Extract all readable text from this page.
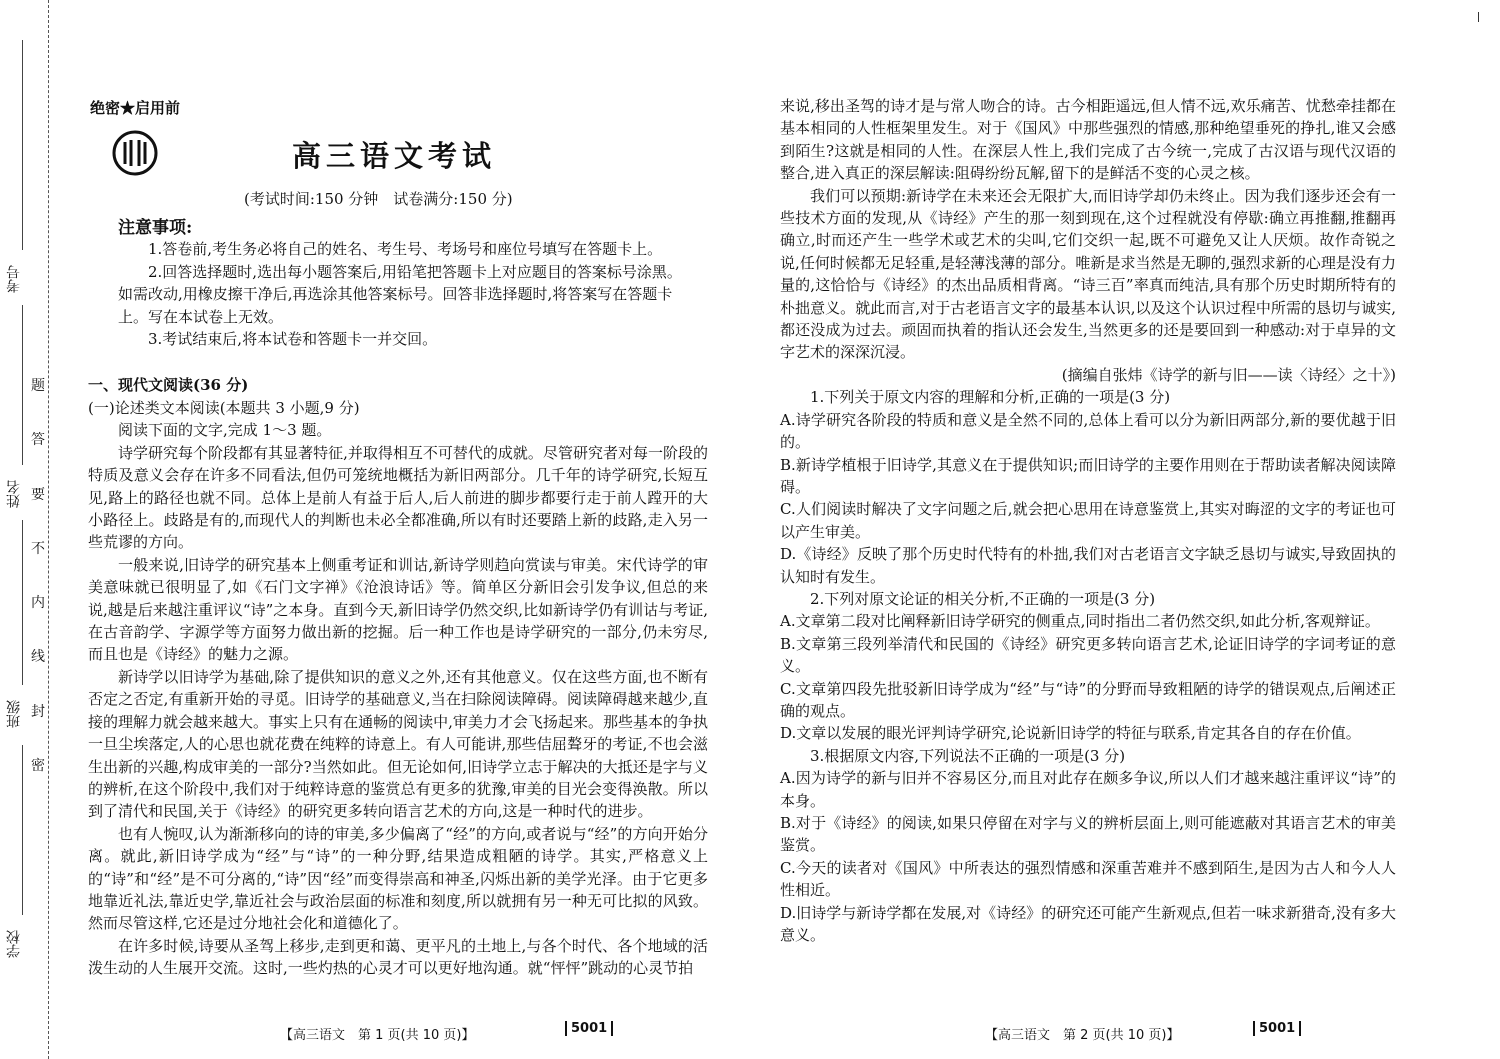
考号
姓名
班级
学校
题
答
要
不
内
线
封
密
绝密★启用前
高三语文考试
(考试时间:150 分钟　试卷满分:150 分)
注意事项:

1.答卷前,考生务必将自己的姓名、考生号、考场号和座位号填写在答题卡上。

2.回答选择题时,选出每小题答案后,用铅笔把答题卡上对应题目的答案标号涂黑。如需改动,用橡皮擦干净后,再选涂其他答案标号。回答非选择题时,将答案写在答题卡上。写在本试卷上无效。

3.考试结束后,将本试卷和答题卡一并交回。

一、现代文阅读(36 分)

(一)论述类文本阅读(本题共 3 小题,9 分)

阅读下面的文字,完成 1～3 题。

诗学研究每个阶段都有其显著特征,并取得相互不可替代的成就。尽管研究者对每一阶段的特质及意义会存在许多不同看法,但仍可笼统地概括为新旧两部分。几千年的诗学研究,长短互见,路上的路径也就不同。总体上是前人有益于后人,后人前进的脚步都要行走于前人蹚开的大小路径上。歧路是有的,而现代人的判断也未必全都准确,所以有时还要踏上新的歧路,走入另一些荒谬的方向。

一般来说,旧诗学的研究基本上侧重考证和训诂,新诗学则趋向赏读与审美。宋代诗学的审美意味就已很明显了,如《石门文字禅》《沧浪诗话》等。简单区分新旧会引发争议,但总的来说,越是后来越注重评议“诗”之本身。直到今天,新旧诗学仍然交织,比如新诗学仍有训诂与考证,在古音韵学、字源学等方面努力做出新的挖掘。后一种工作也是诗学研究的一部分,仍未穷尽,而且也是《诗经》的魅力之源。

新诗学以旧诗学为基础,除了提供知识的意义之外,还有其他意义。仅在这些方面,也不断有否定之否定,有重新开始的寻觅。旧诗学的基础意义,当在扫除阅读障碍。阅读障碍越来越少,直接的理解力就会越来越大。事实上只有在通畅的阅读中,审美力才会飞扬起来。那些基本的争执一旦尘埃落定,人的心思也就花费在纯粹的诗意上。有人可能讲,那些佶屈聱牙的考证,不也会滋生出新的兴趣,构成审美的一部分?当然如此。但无论如何,旧诗学立志于解决的大抵还是字与义的辨析,在这个阶段中,我们对于纯粹诗意的鉴赏总有更多的犹豫,审美的目光会变得涣散。所以到了清代和民国,关于《诗经》的研究更多转向语言艺术的方向,这是一种时代的进步。

也有人惋叹,认为渐渐移向的诗的审美,多少偏离了“经”的方向,或者说与“经”的方向开始分离。就此,新旧诗学成为“经”与“诗”的一种分野,结果造成粗陋的诗学。其实,严格意义上的“诗”和“经”是不可分离的,“诗”因“经”而变得崇高和神圣,闪烁出新的美学光泽。由于它更多地靠近礼法,靠近史学,靠近社会与政治层面的标准和刻度,所以就拥有另一种无可比拟的风致。然而尽管这样,它还是过分地社会化和道德化了。

在许多时候,诗要从圣驾上移步,走到更和蔼、更平凡的土地上,与各个时代、各个地域的活泼生动的人生展开交流。这时,一些灼热的心灵才可以更好地沟通。就“怦怦”跳动的心灵节拍

【高三语文　第 1 页(共 10 页)】	5001

来说,移出圣驾的诗才是与常人吻合的诗。古今相距遥远,但人情不远,欢乐痛苦、忧愁牵挂都在基本相同的人性框架里发生。对于《国风》中那些强烈的情感,那种绝望垂死的挣扎,谁又会感到陌生?这就是相同的人性。在深层人性上,我们完成了古今统一,完成了古汉语与现代汉语的整合,进入真正的深层解读:阻碍纷纷瓦解,留下的是鲜活不变的心灵之核。

我们可以预期:新诗学在未来还会无限扩大,而旧诗学却仍未终止。因为我们逐步还会有一些技术方面的发现,从《诗经》产生的那一刻到现在,这个过程就没有停歇:确立再推翻,推翻再确立,时而还产生一些学术或艺术的尖叫,它们交织一起,既不可避免又让人厌烦。故作奇锐之说,任何时候都无足轻重,是轻薄浅薄的部分。唯新是求当然是无聊的,强烈求新的心理是没有力量的,这恰恰与《诗经》的杰出品质相背离。“诗三百”率真而纯洁,具有那个历史时期所特有的朴拙意义。就此而言,对于古老语言文字的最基本认识,以及这个认识过程中所需的恳切与诚实,都还没成为过去。顽固而执着的指认还会发生,当然更多的还是要回到一种感动:对于卓异的文字艺术的深深沉浸。

(摘编自张炜《诗学的新与旧——读〈诗经〉之十》)

1.下列关于原文内容的理解和分析,正确的一项是(3 分)

A.诗学研究各阶段的特质和意义是全然不同的,总体上看可以分为新旧两部分,新的要优越于旧的。

B.新诗学植根于旧诗学,其意义在于提供知识;而旧诗学的主要作用则在于帮助读者解决阅读障碍。

C.人们阅读时解决了文字问题之后,就会把心思用在诗意鉴赏上,其实对晦涩的文字的考证也可以产生审美。

D.《诗经》反映了那个历史时代特有的朴拙,我们对古老语言文字缺乏恳切与诚实,导致固执的认知时有发生。

2.下列对原文论证的相关分析,不正确的一项是(3 分)

A.文章第二段对比阐释新旧诗学研究的侧重点,同时指出二者仍然交织,如此分析,客观辩证。

B.文章第三段列举清代和民国的《诗经》研究更多转向语言艺术,论证旧诗学的字词考证的意义。

C.文章第四段先批驳新旧诗学成为“经”与“诗”的分野而导致粗陋的诗学的错误观点,后阐述正确的观点。

D.文章以发展的眼光评判诗学研究,论说新旧诗学的特征与联系,肯定其各自的存在价值。

3.根据原文内容,下列说法不正确的一项是(3 分)

A.因为诗学的新与旧并不容易区分,而且对此存在颇多争议,所以人们才越来越注重评议“诗”的本身。

B.对于《诗经》的阅读,如果只停留在对字与义的辨析层面上,则可能遮蔽对其语言艺术的审美鉴赏。

C.今天的读者对《国风》中所表达的强烈情感和深重苦难并不感到陌生,是因为古人和今人人性相近。

D.旧诗学与新诗学都在发展,对《诗经》的研究还可能产生新观点,但若一味求新猎奇,没有多大意义。

【高三语文　第 2 页(共 10 页)】	5001
